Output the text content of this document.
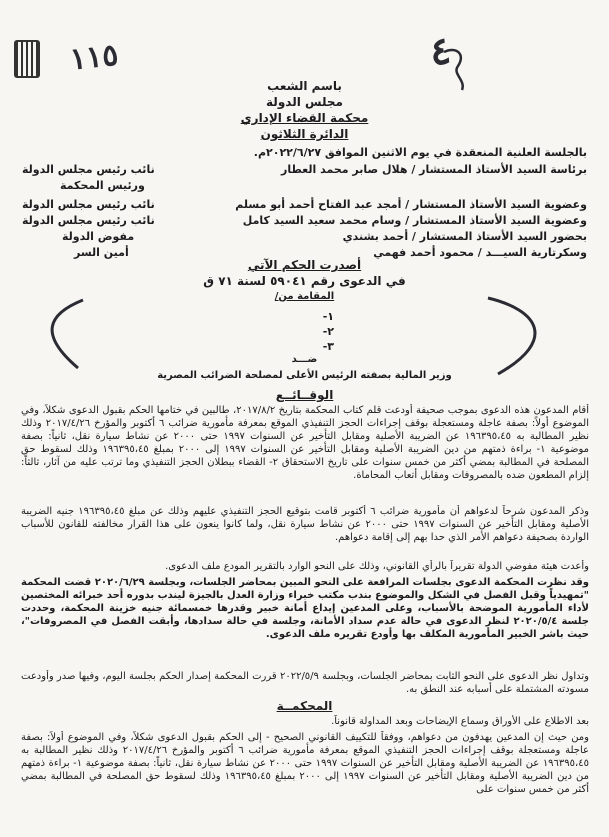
١١٥	٤
باسم الشعب
مجلس الدولة
محكمة القضاء الإداري
الدائرة الثلاثون
بالجلسة العلنية المنعقدة في يوم الاثنين الموافق ٢٠٢٢/٦/٢٧م.
برئاسة السيد الأستاذ المستشار / هلال صابر محمد العطار
نائب رئيس مجلس الدولة
ورئيس المحكمة
وعضوية السيد الأستاذ المستشار / أمجد عبد الفتاح أحمد أبو مسلم
نائب رئيس مجلس الدولة
وعضوية السيد الأستاذ المستشار / وسام محمد سعيد السيد كامل
نائب رئيس مجلس الدولة
بحضور السيد الأستاذ المستشار / أحمد بشندي
مفوض الدولة
وسكرتارية السيـــد / محمود أحمد فهمي
أمين السر
أصدرت الحكم الآتي
في الدعوى رقم ٥٩٠٤١ لسنة ٧١ ق
المقامة من/
١-
٢-
٣-
ضـــد
وزير المالية بصفته الرئيس الأعلى لمصلحة الضرائب المصرية
الوقــائــع

أقام المدعون هذه الدعوى بموجب صحيفة أودعت قلم كتاب المحكمة بتاريخ ٢٠١٧/٨/٢، طالبين في ختامها الحكم بقبول الدعوى شكلاً، وفي الموضوع أولاً: بصفة عاجلة ومستعجلة بوقف إجراءات الحجز التنفيذي الموقع بمعرفة مأمورية ضرائب ٦ أكتوبر والمؤرخ ٢٠١٧/٤/٢٦ وذلك نظير المطالبة به ١٩٦٣٩٥،٤٥ عن الضريبة الأصلية ومقابل التأخير عن السنوات ١٩٩٧ حتى ٢٠٠٠ عن نشاط سيارة نقل، ثانياً: بصفة موضوعية ١- براءة ذمتهم من دين الضريبة الأصلية ومقابل التأخير عن السنوات ١٩٩٧ إلى ٢٠٠٠ بمبلغ ١٩٦٣٩٥،٤٥ وذلك لسقوط حق المصلحة في المطالبة بمضي أكثر من خمس سنوات على تاريخ الاستحقاق ٢- القضاء ببطلان الحجز التنفيذي وما ترتب عليه من آثار، ثالثاً: إلزام المطعون ضده بالمصروفات ومقابل أتعاب المحاماة.

وذكر المدعون شرحاً لدعواهم أن مأمورية ضرائب ٦ أكتوبر قامت بتوقيع الحجز التنفيذي عليهم وذلك عن مبلغ ١٩٦٣٩٥،٤٥ جنيه الضريبة الأصلية ومقابل التأخير عن السنوات ١٩٩٧ حتى ٢٠٠٠ عن نشاط سيارة نقل، ولما كانوا ينعون على هذا القرار مخالفته للقانون للأسباب الواردة بصحيفة دعواهم الأمر الذي حدا بهم إلى إقامة دعواهم.

وأعدت هيئة مفوضي الدولة تقريراً بالرأي القانوني، وذلك على النحو الوارد بالتقرير المودع ملف الدعوى.

وقد نظرت المحكمة الدعوى بجلسات المرافعة على النحو المبين بمحاضر الجلسات، وبجلسة ٢٠٢٠/٦/٢٩ قضت المحكمة "تمهيدياً وقبل الفصل في الشكل والموضوع بندب مكتب خبراء وزارة العدل بالجيزة ليندب بدوره أحد خبرائه المختصين لأداء المأمورية الموضحة بالأسباب، وعلى المدعين إيداع أمانة خبير وقدرها خمسمائة جنيه خزينة المحكمة، وحددت جلسة ٢٠٢٠/٥/٤ لنظر الدعوى في حالة عدم سداد الأمانة، وجلسة في حالة سدادها، وأبقت الفصل في المصروفات"، حيث باشر الخبير المأمورية المكلف بها وأودع تقريره ملف الدعوى.

وتداول نظر الدعوى على النحو الثابت بمحاضر الجلسات، وبجلسة ٢٠٢٢/٥/٩ قررت المحكمة إصدار الحكم بجلسة اليوم، وفيها صدر وأودعت مسودته المشتملة على أسبابه عند النطق به.

المحكمــة

بعد الاطلاع على الأوراق وسماع الإيضاحات وبعد المداولة قانوناً.

ومن حيث إن المدعين يهدفون من دعواهم، ووفقاً للتكييف القانوني الصحيح - إلى الحكم بقبول الدعوى شكلاً، وفي الموضوع أولاً: بصفة عاجلة ومستعجلة بوقف إجراءات الحجز التنفيذي الموقع بمعرفة مأمورية ضرائب ٦ أكتوبر والمؤرخ ٢٠١٧/٤/٢٦ وذلك نظير المطالبة به ١٩٦٣٩٥،٤٥ عن الضريبة الأصلية ومقابل التأخير عن السنوات ١٩٩٧ حتى ٢٠٠٠ عن نشاط سيارة نقل، ثانياً: بصفة موضوعية ١- براءة ذمتهم من دين الضريبة الأصلية ومقابل التأخير عن السنوات ١٩٩٧ إلى ٢٠٠٠ بمبلغ ١٩٦٣٩٥،٤٥ وذلك لسقوط حق المصلحة في المطالبة بمضي أكثر من خمس سنوات على
